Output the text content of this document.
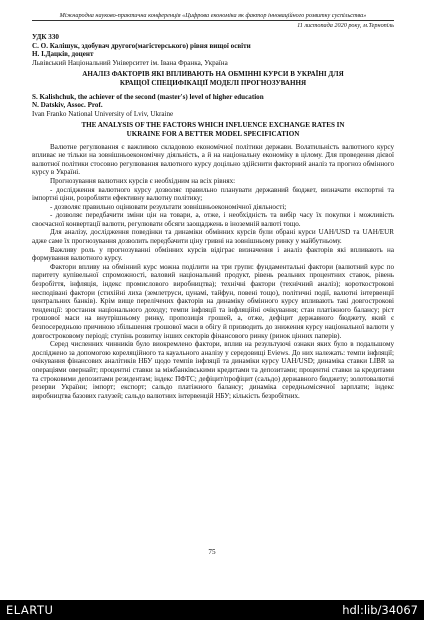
Міжнародна науково-практична конференція «Цифрова економіка як фактор інноваційного розвитку суспільства»
11 листопада 2020 року, м.Тернопіль
УДК 330
С. О. Калішук, здобувач другого(магістерського) рівня вищої освіти
Н. І.Дацків, доцент
Львівський Національний Університет ім. Івана Франка, Україна
АНАЛІЗ ФАКТОРІВ ЯКІ ВПЛИВАЮТЬ НА ОБМІННІ КУРСИ В УКРАЇНІ ДЛЯ
КРАЩОЇ СПЕЦИФІКАЦІЇ МОДЕЛІ ПРОГНОЗУВАННЯ
S. Kalishchuk, the achiever of the second (master's) level of higher education
N. Datskiv, Assoc. Prof.
Ivan Franko National University of Lviv, Ukraine
THE ANALYSIS OF THE FACTORS WHICH INFLUENCE EXCHANGE RATES IN
UKRAINE FOR A BETTER MODEL SPECIFICATION

Валютне регулювання є важливою складовою економічної політики держави. Волатильність валютного курсу впливає не тільки на зовнішньоекономічну діяльність, а й на національну економіку в цілому. Для проведення дієвої валютної політики стосовно регулювання валютного курсу доцільно здійснити факторний аналіз та прогноз обмінного курсу в Україні.

Прогнозування валютних курсів є необхідним на всіх рівнях:

- дослідження валютного курсу дозволяє правильно планувати державний бюджет, визначати експортні та імпортні ціни, розробляти ефективну валютну політику;

- дозволяє правильно оцінювати результати зовнішньоекономічної діяльності;

- дозволяє передбачити зміни цін на товари, а, отже, і необхідність та вибір часу їх покупки і можливість своєчасної конвертації валюти, регулювати обсяги заощаджень в іноземній валюті тощо.

Для аналізу, дослідження поведінки та динаміки обмінних курсів були обрані курси UAH/USD та UAH/EUR адже саме їх прогнозування дозволить передбачити ціну гривні на зовнішньому ринку у майбутньому.

Важливу роль у прогнозуванні обмінних курсів відіграє визначення і аналіз факторів які впливають на формування валютного курсу.

Фактори впливу на обмінний курс можна поділити на три групи: фундаментальні фактори (валютний курс по паритету купівельної спроможності, валовий національний продукт, рівень реальних процентних ставок, рівень безробіття, інфляція, індекс промислового виробництва); технічні фактори (технічний аналіз); короткострокові несподівані фактори (стихійні лиха (землетруси, цунамі, тайфун, повені тощо), політичні події, валютні інтервенції центральних банків). Крім вище перелічених факторів на динаміку обмінного курсу впливають такі довгострокові тенденції: зростання національного доходу; темпи інфляції та інфляційні очікування; стан платіжного балансу; ріст грошової маси на внутрішньому ринку, пропозиція грошей, а, отже, дефіцит державного бюджету, який є безпосередньою причиною збільшення грошової маси в обігу й призводить до зниження курсу національної валюти у довгостроковому періоді; ступінь розвитку інших секторів фінансового ринку (ринок цінних паперів).

Серед численних чинників було виокремлено фактори, вплив на результуючі ознаки яких було в подальшому досліджено за допомогою кореляційного та кауального аналізу у середовищі Eviews. До них належать: темпи інфляції; очікування фінансових аналітиків НБУ щодо темпів інфляції та динаміки курсу UAH/USD; динаміка ставки LIBR за операціями овернайт; процентні ставки за міжбанківськими кредитами та депозитами; процентні ставки за кредитами та строковими депозитами резидентам; індекс ПФТС; дефіцит/профіцит (сальдо) державного бюджету; золотовалютні резерви України; імпорт; експорт; сальдо платіжного балансу; динаміка середньомісячної зарплати; індекс виробництва базових галузей; сальдо валютних інтервенцій НБУ; кількість безробітних.

75
ELARTU	hdl:lib/34067
